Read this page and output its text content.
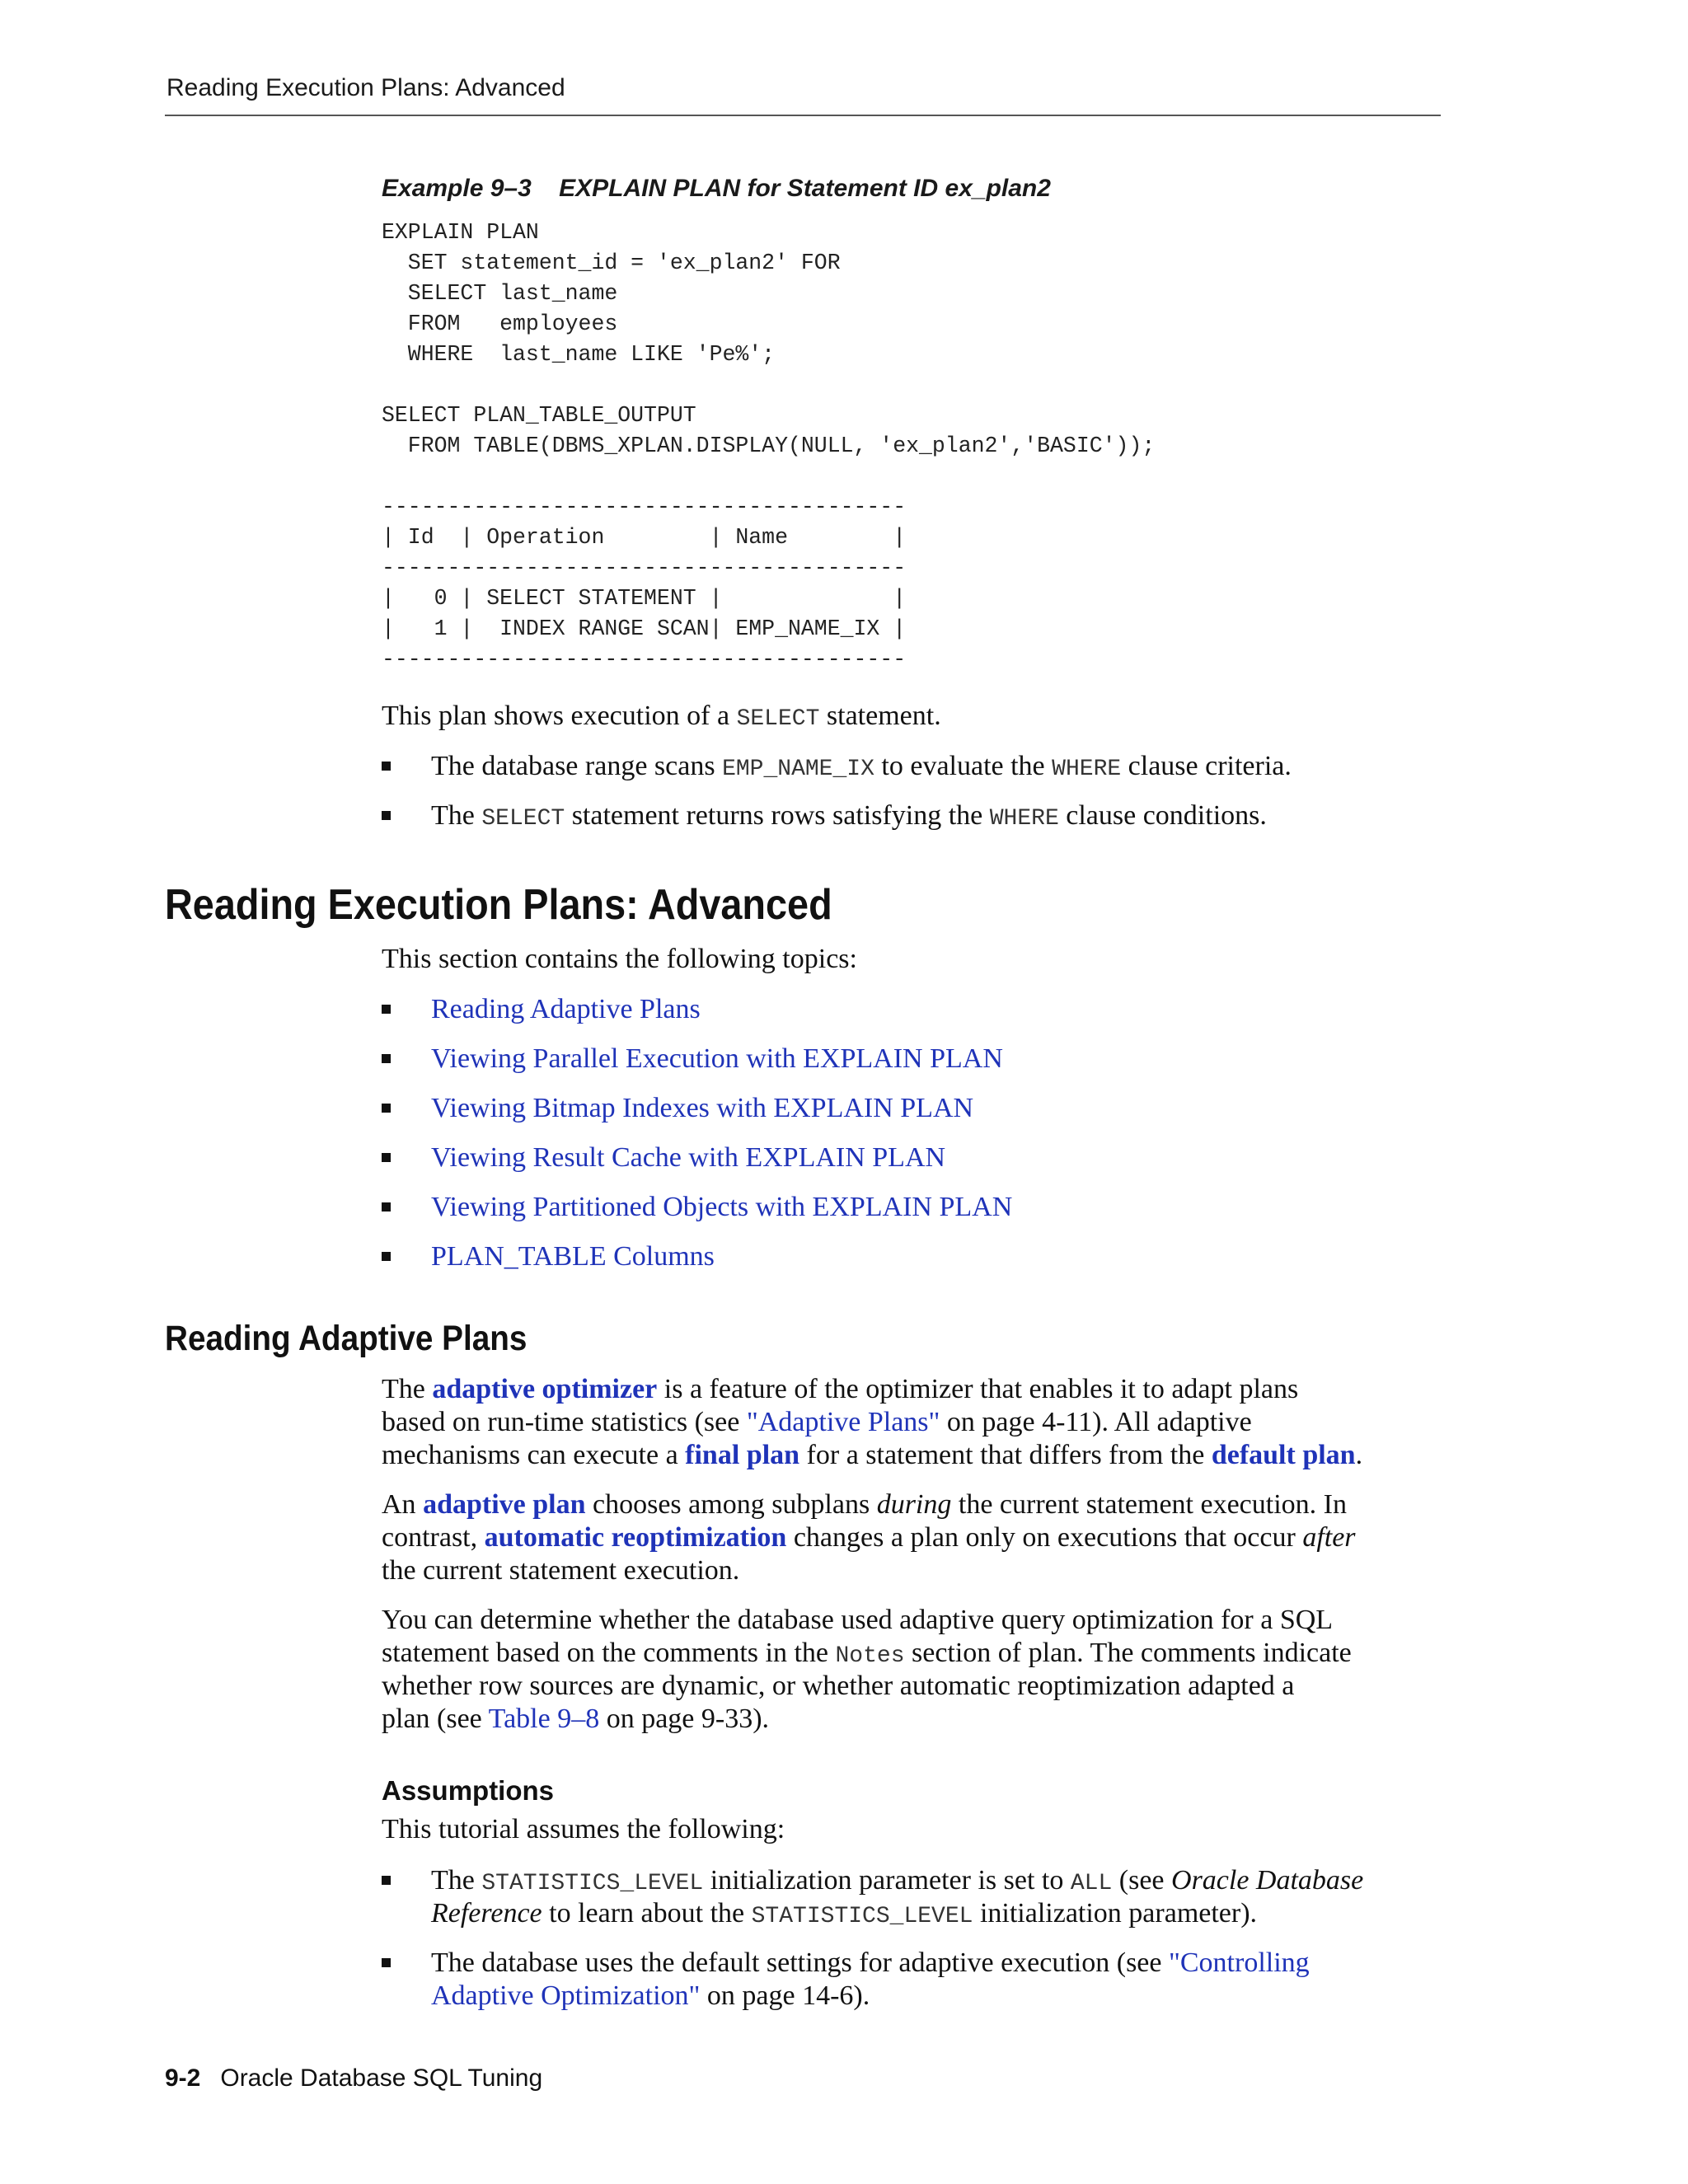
Reading Execution Plans: Advanced
Example 9–3    EXPLAIN PLAN for Statement ID ex_plan2
EXPLAIN PLAN
SET statement_id = 'ex_plan2' FOR
SELECT last_name
FROM   employees
WHERE  last_name LIKE 'Pe%';

SELECT PLAN_TABLE_OUTPUT
FROM TABLE(DBMS_XPLAN.DISPLAY(NULL, 'ex_plan2','BASIC'));

----------------------------------------
| Id  | Operation        | Name        |
----------------------------------------
|   0 | SELECT STATEMENT |             |
|   1 |  INDEX RANGE SCAN| EMP_NAME_IX |
----------------------------------------
This plan shows execution of a SELECT statement.
The database range scans EMP_NAME_IX to evaluate the WHERE clause criteria.
The SELECT statement returns rows satisfying the WHERE clause conditions.
Reading Execution Plans: Advanced
This section contains the following topics:
Reading Adaptive Plans
Viewing Parallel Execution with EXPLAIN PLAN
Viewing Bitmap Indexes with EXPLAIN PLAN
Viewing Result Cache with EXPLAIN PLAN
Viewing Partitioned Objects with EXPLAIN PLAN
PLAN_TABLE Columns
Reading Adaptive Plans
The adaptive optimizer is a feature of the optimizer that enables it to adapt plans
based on run-time statistics (see "Adaptive Plans" on page 4-11). All adaptive
mechanisms can execute a final plan for a statement that differs from the default plan.
An adaptive plan chooses among subplans during the current statement execution. In
contrast, automatic reoptimization changes a plan only on executions that occur after
the current statement execution.
You can determine whether the database used adaptive query optimization for a SQL
statement based on the comments in the Notes section of plan. The comments indicate
whether row sources are dynamic, or whether automatic reoptimization adapted a
plan (see Table 9–8 on page 9-33).
Assumptions
This tutorial assumes the following:
The STATISTICS_LEVEL initialization parameter is set to ALL (see Oracle Database
Reference to learn about the STATISTICS_LEVEL initialization parameter).
The database uses the default settings for adaptive execution (see "Controlling
Adaptive Optimization" on page 14-6).
9-2 Oracle Database SQL Tuning
